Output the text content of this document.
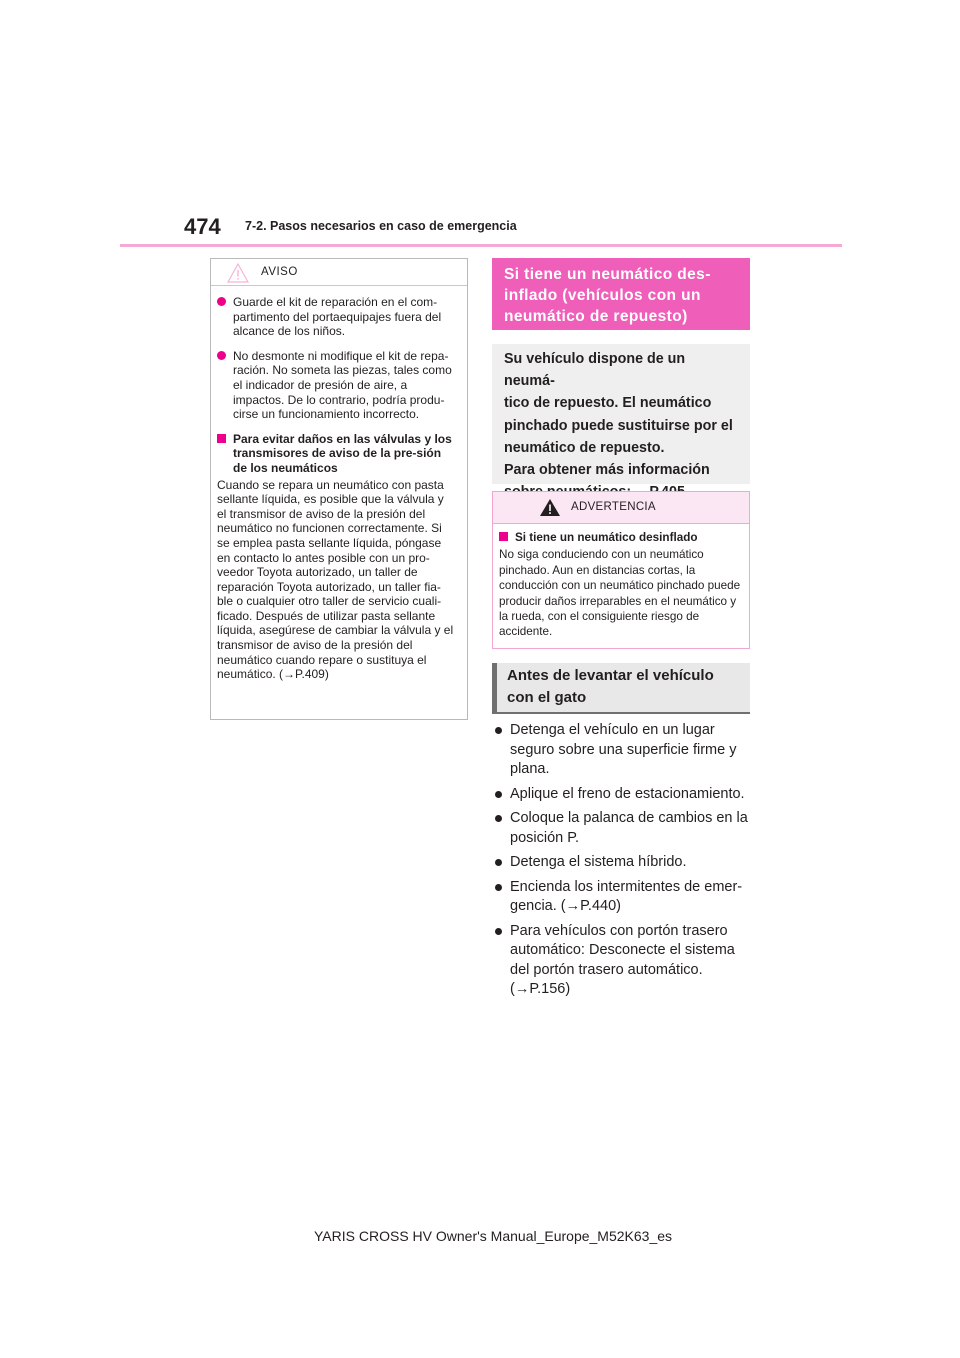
474 7-2. Pasos necesarios en caso de emergencia
AVISO
Guarde el kit de reparación en el com-partimento del portaequipajes fuera del alcance de los niños.
No desmonte ni modifique el kit de repa-ración. No someta las piezas, tales como el indicador de presión de aire, a impactos. De lo contrario, podría produ-cirse un funcionamiento incorrecto.
Para evitar daños en las válvulas y los transmisores de aviso de la pre-sión de los neumáticos

Cuando se repara un neumático con pasta sellante líquida, es posible que la válvula y el transmisor de aviso de la presión del neumático no funcionen correctamente. Si se emplea pasta sellante líquida, póngase en contacto lo antes posible con un pro-veedor Toyota autorizado, un taller de reparación Toyota autorizado, un taller fia-ble o cualquier otro taller de servicio cuali-ficado. Después de utilizar pasta sellante líquida, asegúrese de cambiar la válvula y el transmisor de aviso de la presión del neumático cuando repare o sustituya el neumático. (→P.409)

Si tiene un neumático des-inflado (vehículos con un neumático de repuesto)
Su vehículo dispone de un neumá-
tico de repuesto. El neumático
pinchado puede sustituirse por el
neumático de repuesto.
Para obtener más información
ADVERTENCIA
Si tiene un neumático desinflado

No siga conduciendo con un neumático pinchado. Aun en distancias cortas, la conducción con un neumático pinchado puede producir daños irreparables en el neumático y la rueda, con el consiguiente riesgo de accidente.

Antes de levantar el vehículo con el gato
Detenga el vehículo en un lugar seguro sobre una superficie firme y plana.
Aplique el freno de estacionamiento.
Coloque la palanca de cambios en la posición P.
Detenga el sistema híbrido.
Encienda los intermitentes de emer-gencia. (→P.440)
Para vehículos con portón trasero automático: Desconecte el sistema del portón trasero automático. (→P.156)
YARIS CROSS HV Owner's Manual_Europe_M52K63_es
